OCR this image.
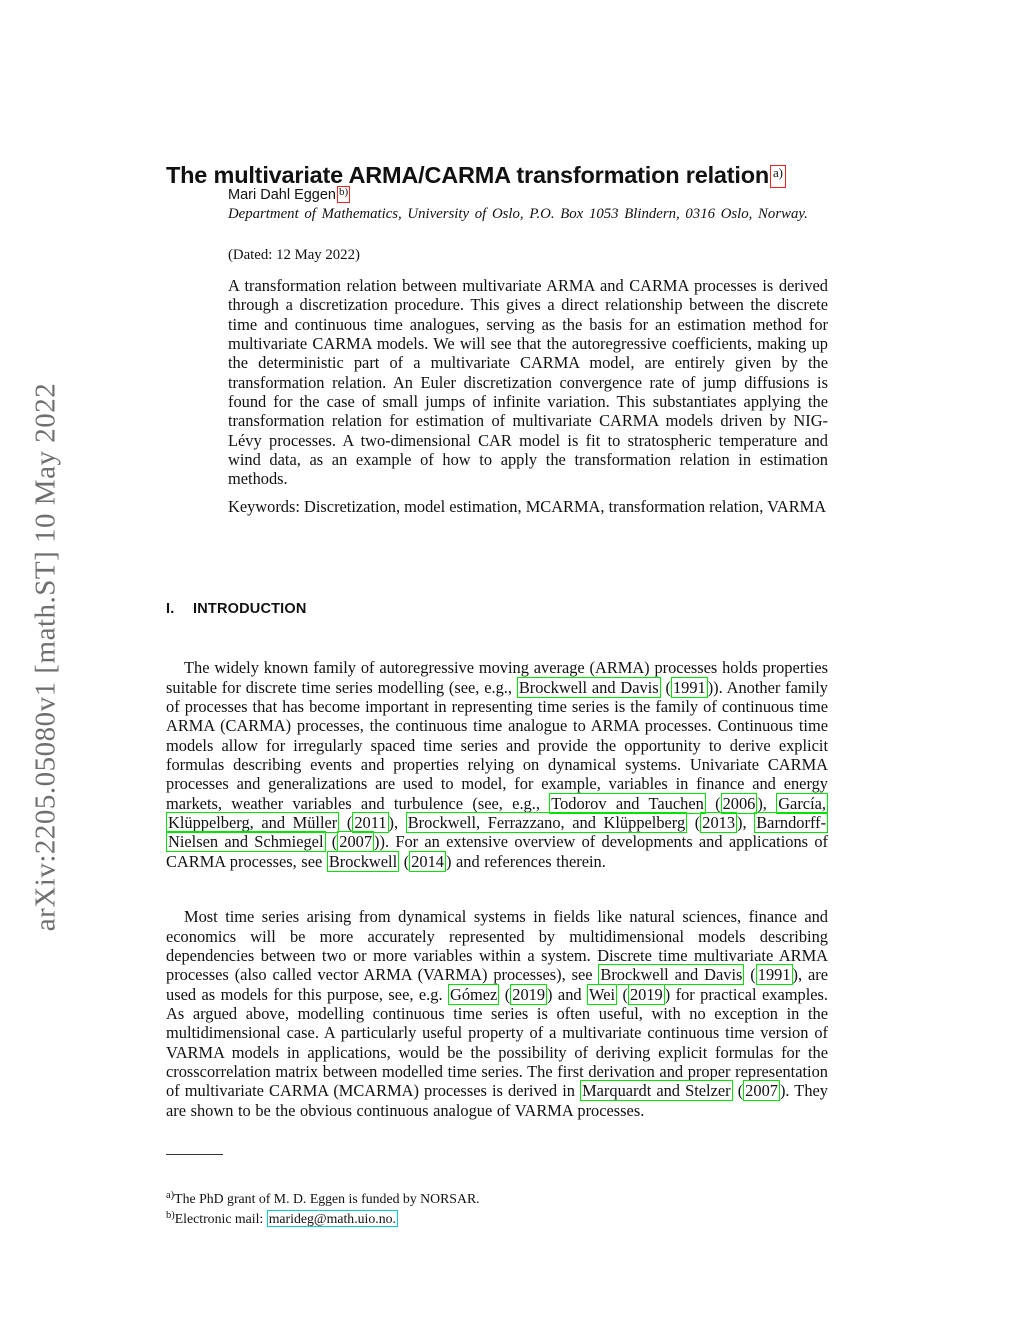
arXiv:2205.05080v1 [math.ST] 10 May 2022
The multivariate ARMA/CARMA transformation relation a)
Mari Dahl Eggen b)
Department of Mathematics, University of Oslo, P.O. Box 1053 Blindern, 0316 Oslo, Norway.
(Dated: 12 May 2022)
A transformation relation between multivariate ARMA and CARMA processes is derived through a discretization procedure. This gives a direct relationship between the discrete time and continuous time analogues, serving as the basis for an estimation method for multivariate CARMA models. We will see that the autoregressive coefficients, making up the deterministic part of a multivariate CARMA model, are entirely given by the transformation relation. An Euler discretization convergence rate of jump diffusions is found for the case of small jumps of infinite variation. This substantiates applying the transformation relation for estimation of multivariate CARMA models driven by NIG-Lévy processes. A two-dimensional CAR model is fit to stratospheric temperature and wind data, as an example of how to apply the transformation relation in estimation methods.
Keywords: Discretization, model estimation, MCARMA, transformation relation, VARMA
I. INTRODUCTION

The widely known family of autoregressive moving average (ARMA) processes holds properties suitable for discrete time series modelling (see, e.g., Brockwell and Davis ( 1991 )). Another family of processes that has become important in representing time series is the family of continuous time ARMA (CARMA) processes, the continuous time analogue to ARMA processes. Continuous time models allow for irregularly spaced time series and provide the opportunity to derive explicit formulas describing events and properties relying on dynamical systems. Univariate CARMA processes and generalizations are used to model, for example, variables in finance and energy markets, weather variables and turbulence (see, e.g., Todorov and Tauchen ( 2006 ), García, Klüppelberg, and Müller ( 2011 ), Brockwell, Ferrazzano, and Klüppelberg ( 2013 ), Barndorff-Nielsen and Schmiegel ( 2007 )). For an extensive overview of developments and applications of CARMA processes, see Brockwell ( 2014 ) and references therein.

Most time series arising from dynamical systems in fields like natural sciences, finance and economics will be more accurately represented by multidimensional models describing dependencies between two or more variables within a system. Discrete time multivariate ARMA processes (also called vector ARMA (VARMA) processes), see Brockwell and Davis ( 1991 ), are used as models for this purpose, see, e.g. Gómez ( 2019 ) and Wei ( 2019 ) for practical examples. As argued above, modelling continuous time series is often useful, with no exception in the multidimensional case. A particularly useful property of a multivariate continuous time version of VARMA models in applications, would be the possibility of deriving explicit formulas for the crosscorrelation matrix between modelled time series. The first derivation and proper representation of multivariate CARMA (MCARMA) processes is derived in Marquardt and Stelzer ( 2007 ). They are shown to be the obvious continuous analogue of VARMA processes.

$^{a)}$The PhD grant of M. D. Eggen is funded by NORSAR.
$^{b)}$Electronic mail: marideg@math.uio.no.
